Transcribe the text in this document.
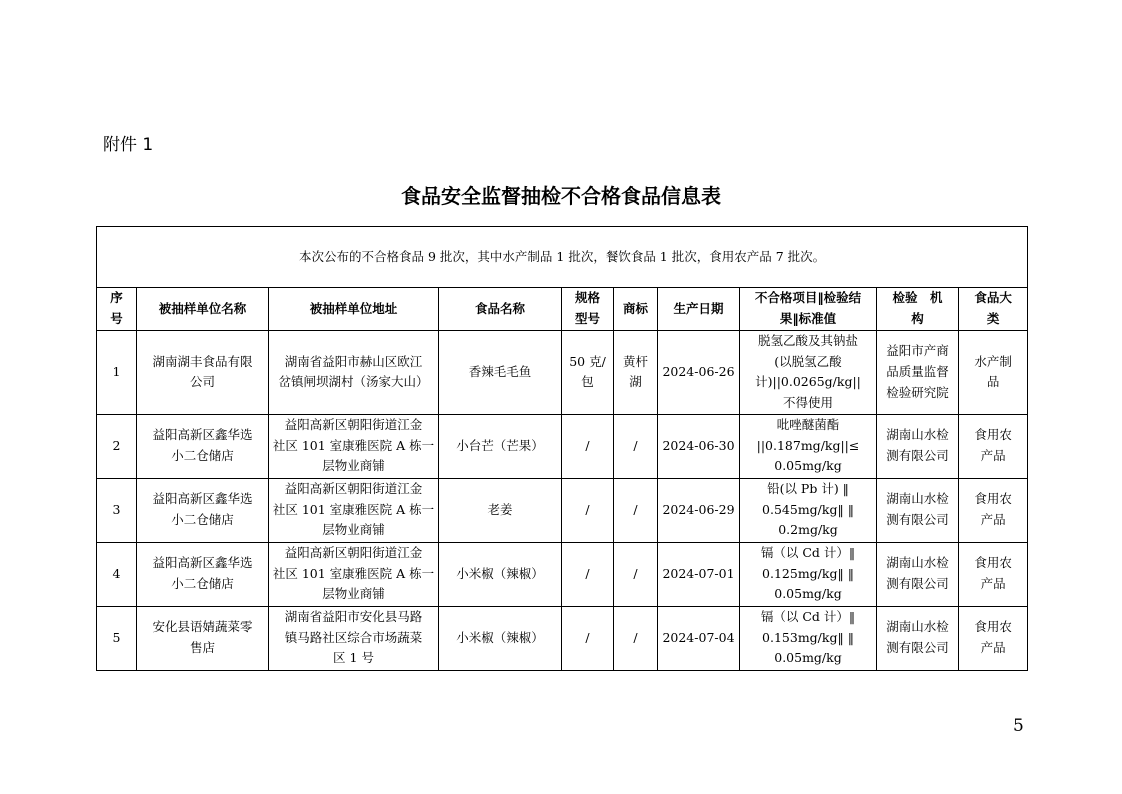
附件 1
食品安全监督抽检不合格食品信息表
本次公布的不合格食品 9 批次，其中水产制品 1 批次，餐饮食品 1 批次，食用农产品 7 批次。									
序
号	被抽样单位名称	被抽样单位地址	食品名称	规格
型号	商标	生产日期	不合格项目‖检验结
果‖标准值	检验　机
构	食品大
类
1	湖南湖丰食品有限
公司	湖南省益阳市赫山区欧江
岔镇闸坝湖村（汤家大山）	香辣毛毛鱼	50 克/
包	黄杆
湖	2024-06-26	脱氢乙酸及其钠盐
(以脱氢乙酸
计)||0.0265g/kg||
不得使用	益阳市产商
品质量监督
检验研究院	水产制
品
2	益阳高新区鑫华选
小二仓储店	益阳高新区朝阳街道江金
社区 101 室康雅医院 A 栋一
层物业商铺	小台芒（芒果）	/	/	2024-06-30	吡唑醚菌酯
||0.187mg/kg||≤
0.05mg/kg	湖南山水检
测有限公司	食用农
产品
3	益阳高新区鑫华选
小二仓储店	益阳高新区朝阳街道江金
社区 101 室康雅医院 A 栋一
层物业商铺	老姜	/	/	2024-06-29	铅(以 Pb 计) ‖
0.545mg/kg‖ ‖
0.2mg/kg	湖南山水检
测有限公司	食用农
产品
4	益阳高新区鑫华选
小二仓储店	益阳高新区朝阳街道江金
社区 101 室康雅医院 A 栋一
层物业商铺	小米椒（辣椒）	/	/	2024-07-01	镉（以 Cd 计）‖
0.125mg/kg‖ ‖
0.05mg/kg	湖南山水检
测有限公司	食用农
产品
5	安化县语婧蔬菜零
售店	湖南省益阳市安化县马路
镇马路社区综合市场蔬菜
区 1 号	小米椒（辣椒）	/	/	2024-07-04	镉（以 Cd 计）‖
0.153mg/kg‖ ‖
0.05mg/kg	湖南山水检
测有限公司	食用农
产品
5
